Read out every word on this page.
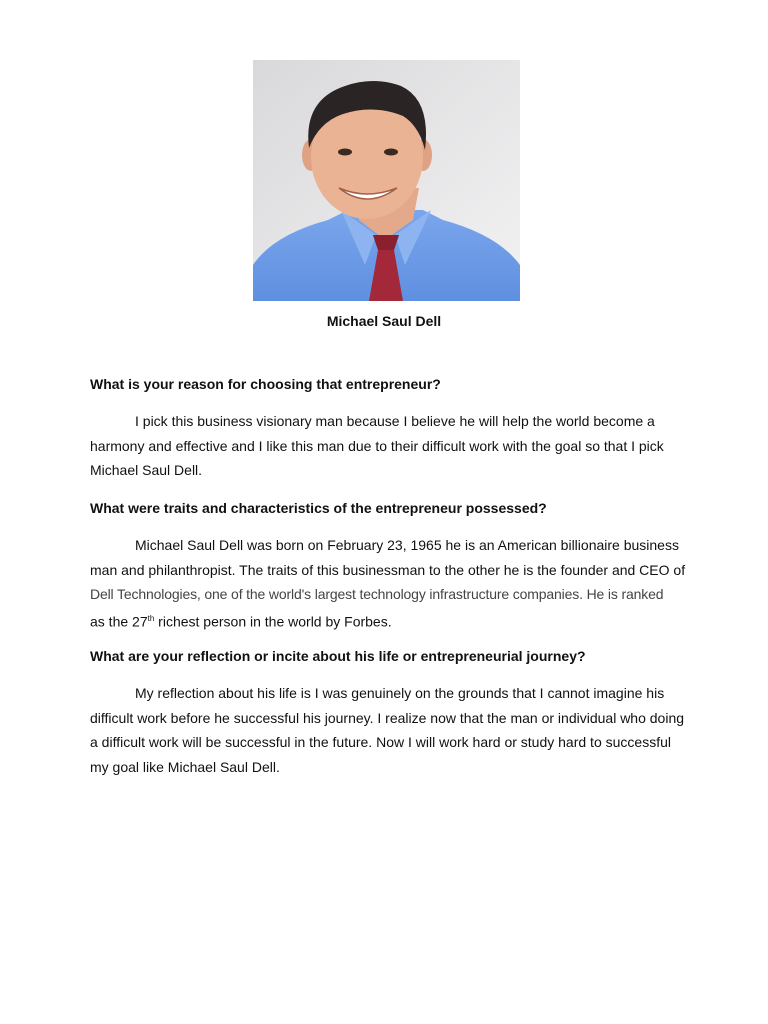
Michael Saul Dell
What is your reason for choosing that entrepreneur?
I pick this business visionary man because I believe he will help the world become a
harmony and effective and I like this man due to their difficult work with the goal so that I pick
Michael Saul Dell.
What were traits and characteristics of the entrepreneur possessed?
Michael Saul Dell was born on February 23, 1965 he is an American billionaire business
man and philanthropist. The traits of this businessman to the other he is the founder and CEO of
Dell Technologies, one of the world's largest technology infrastructure companies. He is ranked
as the 27th richest person in the world by Forbes.
What are your reflection or incite about his life or entrepreneurial journey?
My reflection about his life is I was genuinely on the grounds that I cannot imagine his
difficult work before he successful his journey. I realize now that the man or individual who doing
a difficult work will be successful in the future. Now I will work hard or study hard to successful
my goal like Michael Saul Dell.
